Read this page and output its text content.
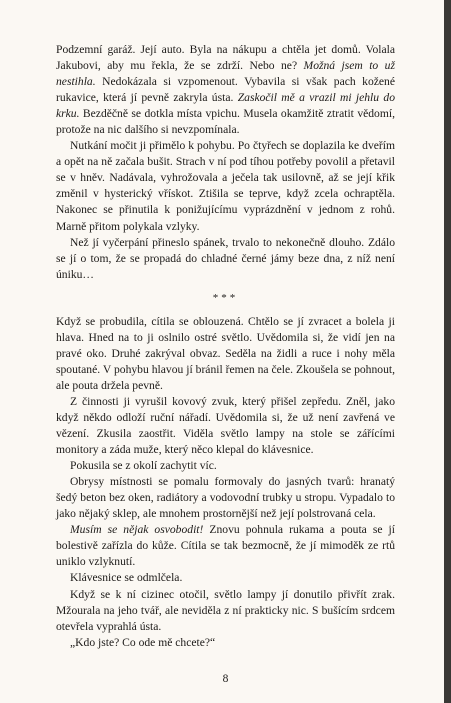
Podzemní garáž. Její auto. Byla na nákupu a chtěla jet domů. Volala Jakubovi, aby mu řekla, že se zdrží. Nebo ne? Možná jsem to už nestihla. Nedokázala si vzpomenout. Vybavila si však pach kožené rukavice, která jí pevně zakryla ústa. Zaskočil mě a vrazil mi jehlu do krku. Bezděčně se dotkla místa vpichu. Musela okamžitě ztratit vědomí, protože na nic dalšího si nevzpomínala.

Nutkání močit ji přimělo k pohybu. Po čtyřech se doplazila ke dveřím a opět na ně začala bušit. Strach v ní pod tíhou potřeby povolil a přetavil se v hněv. Nadávala, vyhrožovala a ječela tak usilovně, až se její křik změnil v hysterický vřískot. Ztišila se teprve, když zcela ochraptěla. Nakonec se přinutila k ponižujícímu vyprázdnění v jednom z rohů. Marně přitom polykala vzlyky.

Než jí vyčerpání přineslo spánek, trvalo to nekonečně dlouho. Zdálo se jí o tom, že se propadá do chladné černé jámy beze dna, z níž není úniku…

***

Když se probudila, cítila se oblouzená. Chtělo se jí zvracet a bolela ji hlava. Hned na to ji oslnilo ostré světlo. Uvědomila si, že vidí jen na pravé oko. Druhé zakrýval obvaz. Seděla na židli a ruce i nohy měla spoutané. V pohybu hlavou jí bránil řemen na čele. Zkoušela se pohnout, ale pouta držela pevně.

Z činnosti ji vyrušil kovový zvuk, který přišel zepředu. Zněl, jako když někdo odloží ruční nářadí. Uvědomila si, že už není zavřená ve vězení. Zkusila zaostřit. Viděla světlo lampy na stole se zářícími monitory a záda muže, který něco klepal do klávesnice.

Pokusila se z okolí zachytit víc.

Obrysy místnosti se pomalu formovaly do jasných tvarů: hranatý šedý beton bez oken, radiátory a vodovodní trubky u stropu. Vypadalo to jako nějaký sklep, ale mnohem prostornější než její polstrovaná cela.

Musím se nějak osvobodit! Znovu pohnula rukama a pouta se jí bolestivě zařízla do kůže. Cítila se tak bezmocně, že jí mimoděk ze rtů uniklo vzlyknutí.

Klávesnice se odmlčela.

Když se k ní cizinec otočil, světlo lampy jí donutilo přivřít zrak. Mžourala na jeho tvář, ale neviděla z ní prakticky nic. S bušícím srdcem otevřela vyprahlá ústa.

„Kdo jste? Co ode mě chcete?“

8
